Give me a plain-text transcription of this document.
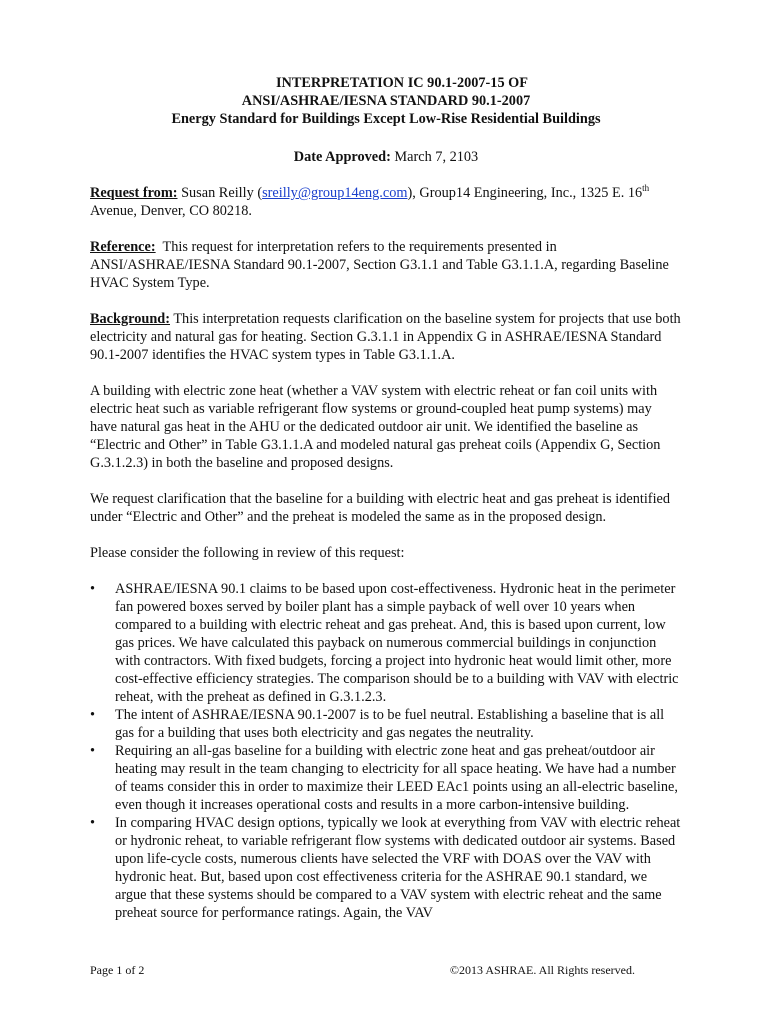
INTERPRETATION IC 90.1-2007-15 OF
ANSI/ASHRAE/IESNA STANDARD 90.1-2007
Energy Standard for Buildings Except Low-Rise Residential Buildings
Date Approved: March 7, 2103

Request from: Susan Reilly (sreilly@group14eng.com), Group14 Engineering, Inc., 1325 E. 16th Avenue, Denver, CO 80218.

Reference: This request for interpretation refers to the requirements presented in ANSI/ASHRAE/IESNA Standard 90.1-2007, Section G3.1.1 and Table G3.1.1.A, regarding Baseline HVAC System Type.

Background: This interpretation requests clarification on the baseline system for projects that use both electricity and natural gas for heating. Section G.3.1.1 in Appendix G in ASHRAE/IESNA Standard 90.1-2007 identifies the HVAC system types in Table G3.1.1.A.

A building with electric zone heat (whether a VAV system with electric reheat or fan coil units with electric heat such as variable refrigerant flow systems or ground-coupled heat pump systems) may have natural gas heat in the AHU or the dedicated outdoor air unit. We identified the baseline as “Electric and Other” in Table G3.1.1.A and modeled natural gas preheat coils (Appendix G, Section G.3.1.2.3) in both the baseline and proposed designs.

We request clarification that the baseline for a building with electric heat and gas preheat is identified under “Electric and Other” and the preheat is modeled the same as in the proposed design.

Please consider the following in review of this request:

• ASHRAE/IESNA 90.1 claims to be based upon cost-effectiveness. Hydronic heat in the perimeter fan powered boxes served by boiler plant has a simple payback of well over 10 years when compared to a building with electric reheat and gas preheat. And, this is based upon current, low gas prices. We have calculated this payback on numerous commercial buildings in conjunction with contractors. With fixed budgets, forcing a project into hydronic heat would limit other, more cost-effective efficiency strategies. The comparison should be to a building with VAV with electric reheat, with the preheat as defined in G.3.1.2.3.
• The intent of ASHRAE/IESNA 90.1-2007 is to be fuel neutral. Establishing a baseline that is all gas for a building that uses both electricity and gas negates the neutrality.
• Requiring an all-gas baseline for a building with electric zone heat and gas preheat/outdoor air heating may result in the team changing to electricity for all space heating. We have had a number of teams consider this in order to maximize their LEED EAc1 points using an all-electric baseline, even though it increases operational costs and results in a more carbon-intensive building.
• In comparing HVAC design options, typically we look at everything from VAV with electric reheat or hydronic reheat, to variable refrigerant flow systems with dedicated outdoor air systems. Based upon life-cycle costs, numerous clients have selected the VRF with DOAS over the VAV with hydronic heat. But, based upon cost effectiveness criteria for the ASHRAE 90.1 standard, we argue that these systems should be compared to a VAV system with electric reheat and the same preheat source for performance ratings. Again, the VAV
Page 1 of 2	©2013 ASHRAE. All Rights reserved.
